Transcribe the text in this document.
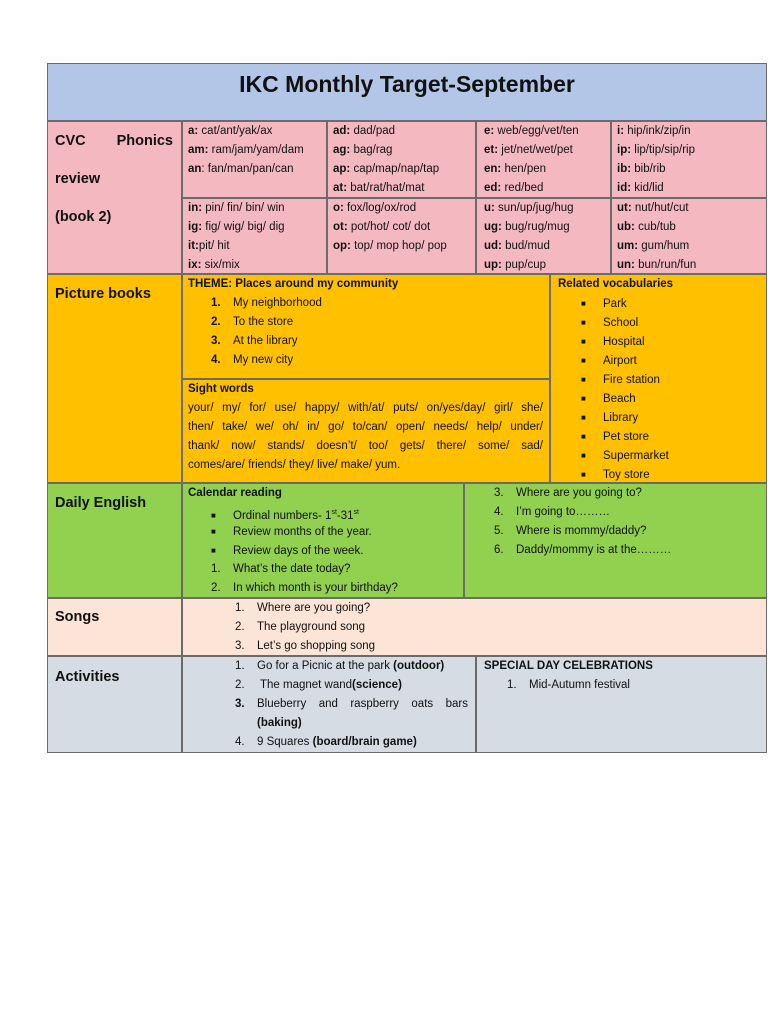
IKC Monthly Target-September
CVC Phonics
review
(book 2)
a: cat/ant/yak/ax
am: ram/jam/yam/dam
an: fan/man/pan/can
ad: dad/pad
ag: bag/rag
ap: cap/map/nap/tap
at: bat/rat/hat/mat
e: web/egg/vet/ten
et: jet/net/wet/pet
en: hen/pen
ed: red/bed
i: hip/ink/zip/in
ip: lip/tip/sip/rip
ib: bib/rib
id: kid/lid
in: pin/ fin/ bin/ win
ig: fig/ wig/ big/ dig
it:pit/ hit
ix: six/mix
o: fox/log/ox/rod
ot: pot/hot/ cot/ dot
op: top/ mop hop/ pop
u: sun/up/jug/hug
ug: bug/rug/mug
ud: bud/mud
up: pup/cup
ut: nut/hut/cut
ub: cub/tub
um: gum/hum
un: bun/run/fun
Picture books
THEME: Places around my community
1. My neighborhood
2. To the store
3. At the library
4. My new city
Sight words
your/ my/ for/ use/ happy/ with/at/ puts/ on/yes/day/ girl/ she/
then/ take/ we/ oh/ in/ go/ to/can/ open/ needs/ help/ under/
thank/ now/ stands/ doesn’t/ too/ gets/ there/ some/ sad/
comes/are/ friends/ they/ live/ make/ yum.
Related vocabularies
■ Park
■ School
■ Hospital
■ Airport
■ Fire station
■ Beach
■ Library
■ Pet store
■ Supermarket
■ Toy store
Daily English
Calendar reading
■ Ordinal numbers- 1st-31st
■ Review months of the year.
■ Review days of the week.
1. What’s the date today?
2. In which month is your birthday?
3. Where are you going to?
4. I’m going to………
5. Where is mommy/daddy?
6. Daddy/mommy is at the………
Songs
1. Where are you going?
2. The playground song
3. Let’s go shopping song
Activities
1. Go for a Picnic at the park (outdoor)
2. The magnet wand(science)
3.	Blueberry and raspberry oats bars
(baking)
4. 9 Squares (board/brain game)
SPECIAL DAY CELEBRATIONS
1. Mid-Autumn festival
